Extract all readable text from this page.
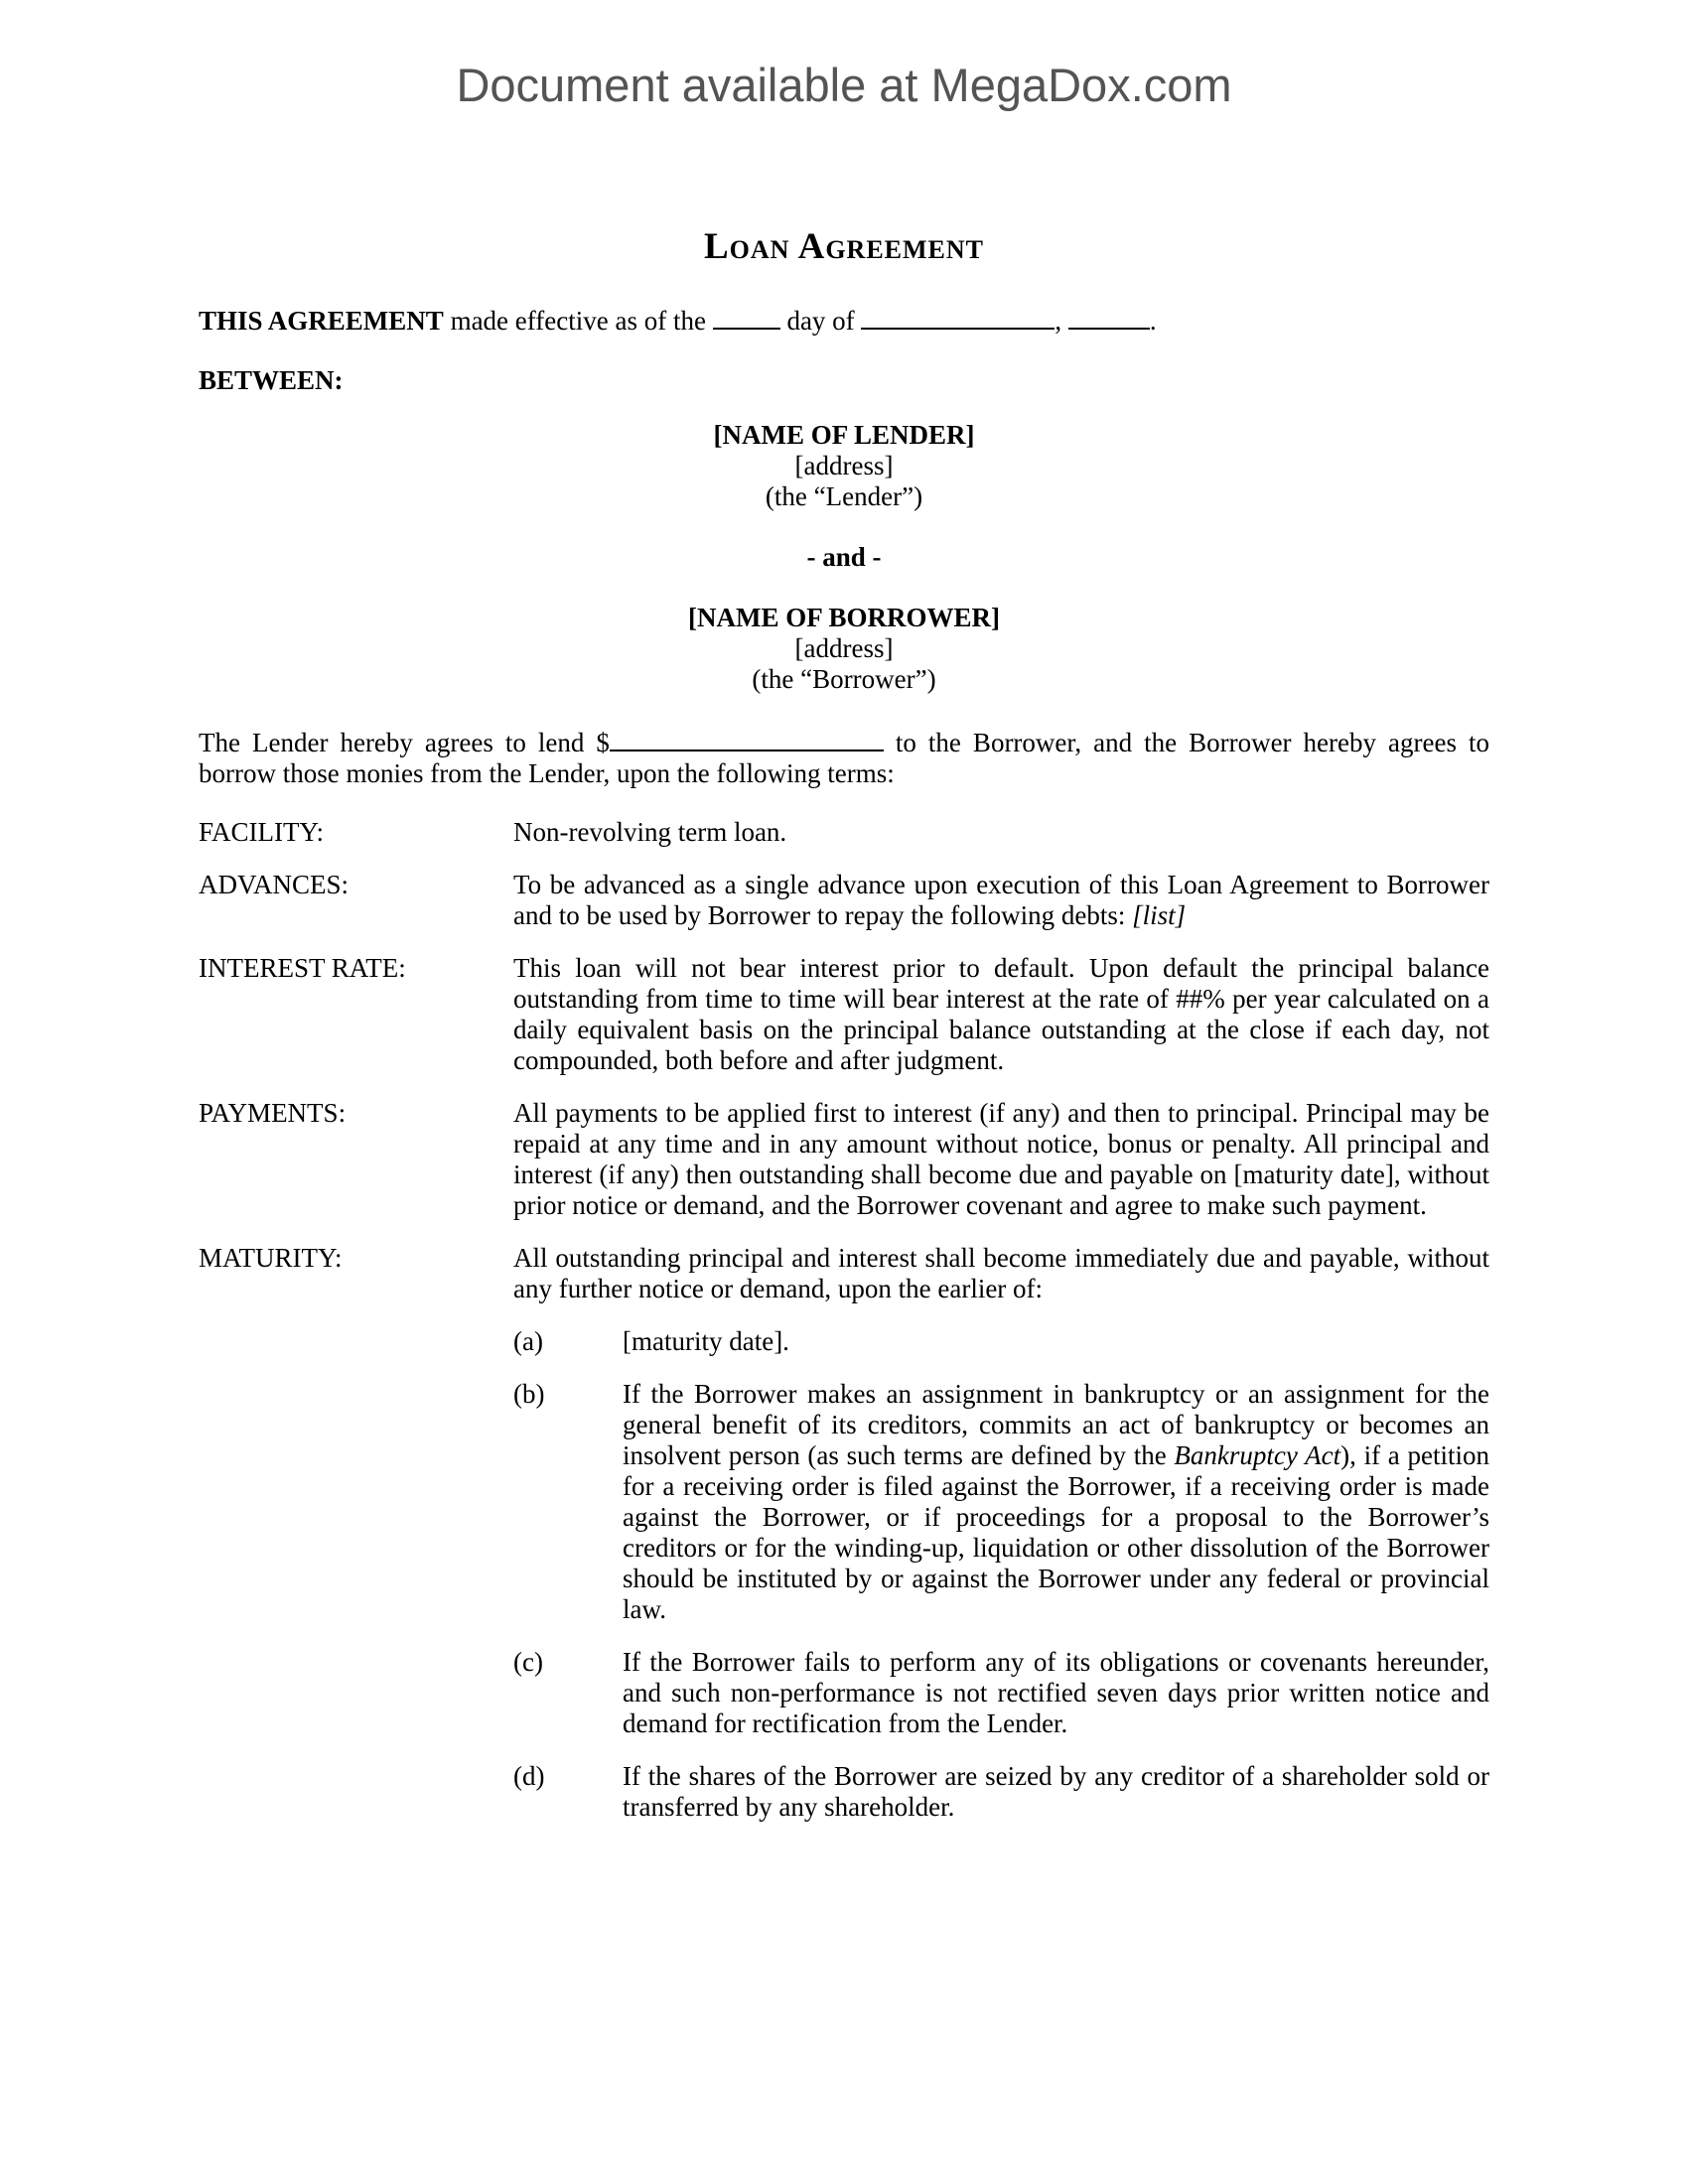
Document available at MegaDox.com
Loan Agreement
THIS AGREEMENT made effective as of the	day of	,	.
BETWEEN:
[NAME OF LENDER]
[address]
(the “Lender”)
- and -
[NAME OF BORROWER]
[address]
(the “Borrower”)
The Lender hereby agrees to lend $	to the Borrower, and the Borrower hereby agrees to borrow those monies from the Lender, upon the following terms:
FACILITY:	Non-revolving term loan.
ADVANCES:	To be advanced as a single advance upon execution of this Loan Agreement to Borrower and to be used by Borrower to repay the following debts: [list]
INTEREST RATE:	This loan will not bear interest prior to default. Upon default the principal balance outstanding from time to time will bear interest at the rate of ##% per year calculated on a daily equivalent basis on the principal balance outstanding at the close if each day, not compounded, both before and after judgment.
PAYMENTS:	All payments to be applied first to interest (if any) and then to principal. Principal may be repaid at any time and in any amount without notice, bonus or penalty. All principal and interest (if any) then outstanding shall become due and payable on [maturity date], without prior notice or demand, and the Borrower covenant and agree to make such payment.
MATURITY:	All outstanding principal and interest shall become immediately due and payable, without any further notice or demand, upon the earlier of:
(a)	[maturity date].
(b)	If the Borrower makes an assignment in bankruptcy or an assignment for the general benefit of its creditors, commits an act of bankruptcy or becomes an insolvent person (as such terms are defined by the Bankruptcy Act), if a petition for a receiving order is filed against the Borrower, if a receiving order is made against the Borrower, or if proceedings for a proposal to the Borrower’s creditors or for the winding-up, liquidation or other dissolution of the Borrower should be instituted by or against the Borrower under any federal or provincial law.
(c)	If the Borrower fails to perform any of its obligations or covenants hereunder, and such non-performance is not rectified seven days prior written notice and demand for rectification from the Lender.
(d)	If the shares of the Borrower are seized by any creditor of a shareholder sold or transferred by any shareholder.
